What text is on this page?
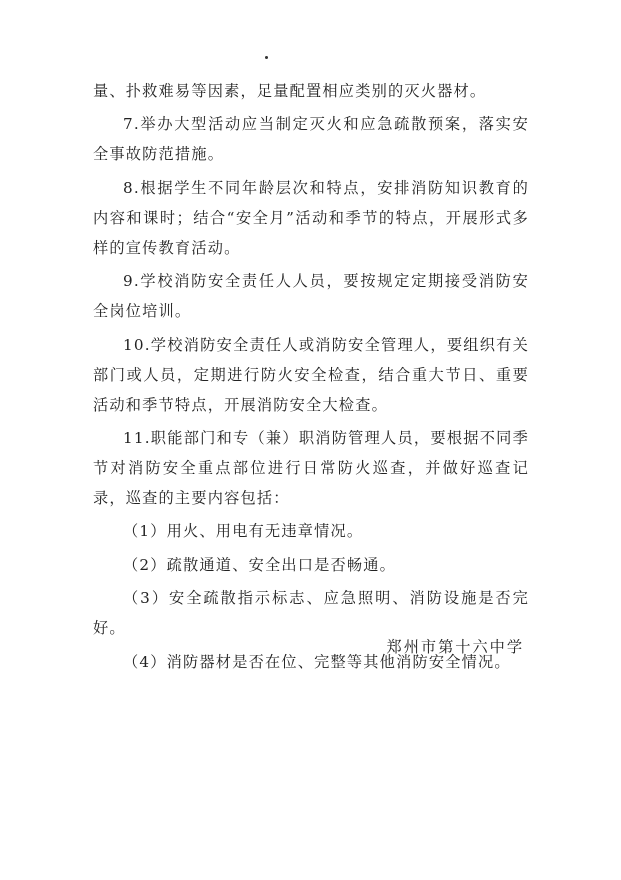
量、扑救难易等因素，足量配置相应类别的灭火器材。

7.举办大型活动应当制定灭火和应急疏散预案，落实安全事故防范措施。

8.根据学生不同年龄层次和特点，安排消防知识教育的内容和课时；结合“安全月”活动和季节的特点，开展形式多样的宣传教育活动。

9.学校消防安全责任人人员，要按规定定期接受消防安全岗位培训。

10.学校消防安全责任人或消防安全管理人，要组织有关部门或人员，定期进行防火安全检查，结合重大节日、重要活动和季节特点，开展消防安全大检查。

11.职能部门和专（兼）职消防管理人员，要根据不同季节对消防安全重点部位进行日常防火巡查，并做好巡查记录，巡查的主要内容包括：

（1）用火、用电有无违章情况。

（2）疏散通道、安全出口是否畅通。

（3）安全疏散指示标志、应急照明、消防设施是否完好。

（4）消防器材是否在位、完整等其他消防安全情况。

郑州市第十六中学
